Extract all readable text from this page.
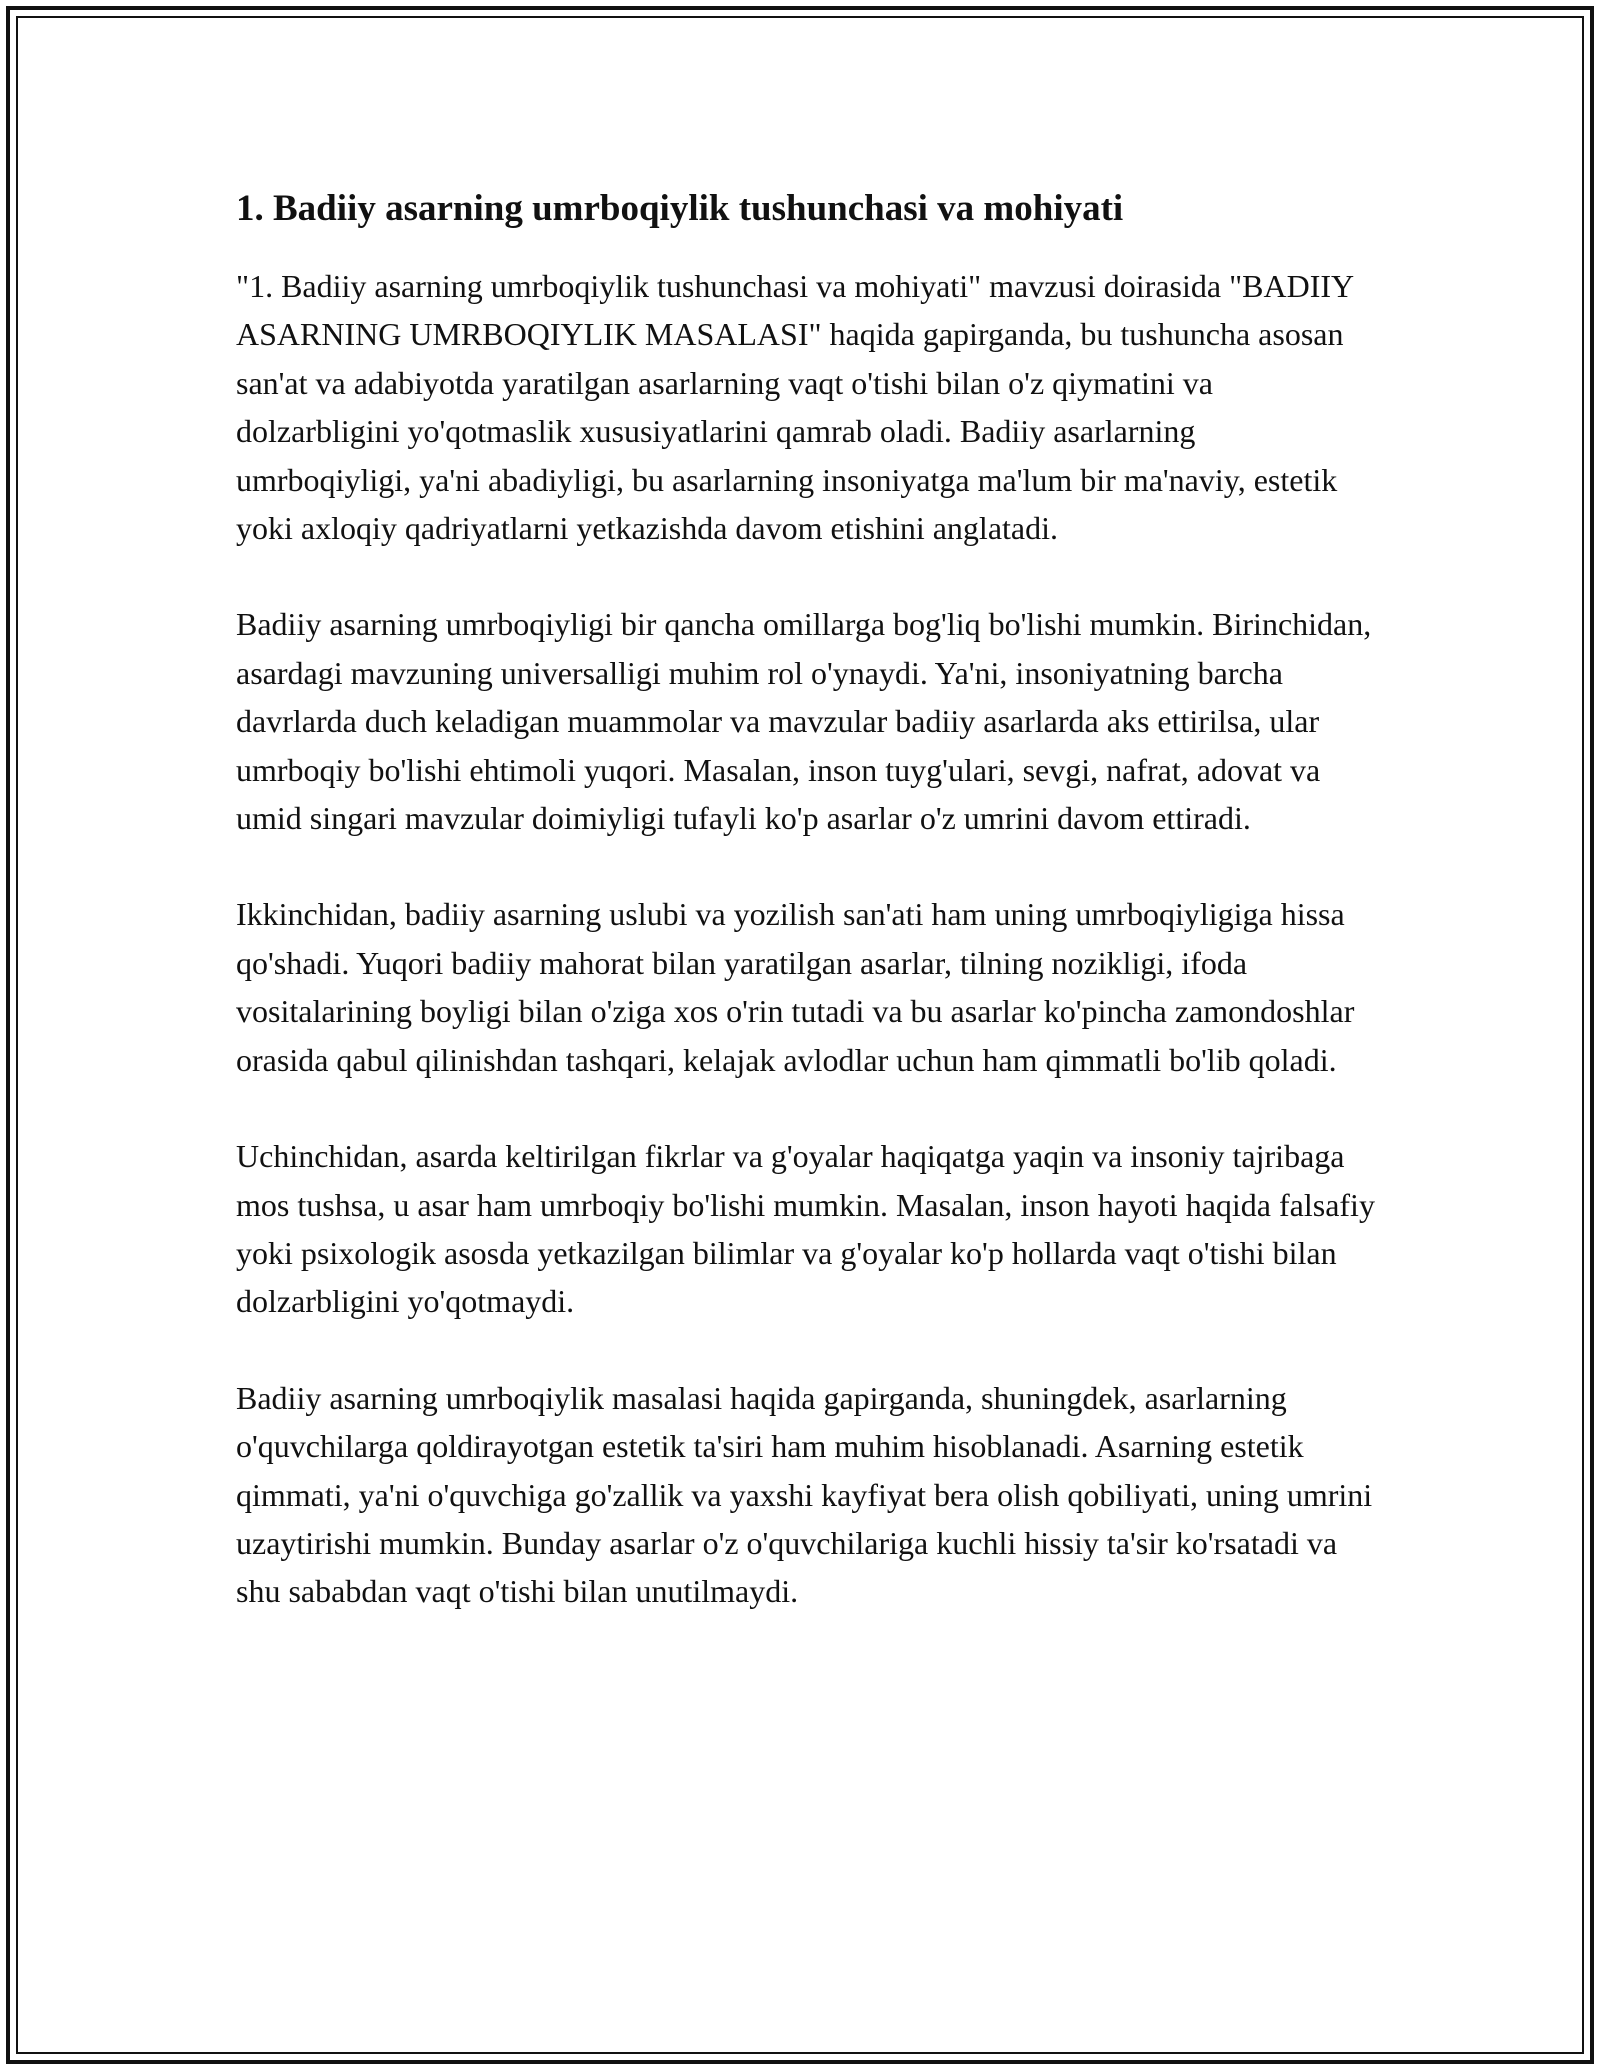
1. Badiiy asarning umrboqiylik tushunchasi va mohiyati

"1. Badiiy asarning umrboqiylik tushunchasi va mohiyati" mavzusi doirasida "BADIIY ASARNING UMRBOQIYLIK MASALASI" haqida gapirganda, bu tushuncha asosan san'at va adabiyotda yaratilgan asarlarning vaqt o'tishi bilan o'z qiymatini va dolzarbligini yo'qotmaslik xususiyatlarini qamrab oladi. Badiiy asarlarning umrboqiyligi, ya'ni abadiyligi, bu asarlarning insoniyatga ma'lum bir ma'naviy, estetik yoki axloqiy qadriyatlarni yetkazishda davom etishini anglatadi.

Badiiy asarning umrboqiyligi bir qancha omillarga bog'liq bo'lishi mumkin. Birinchidan, asardagi mavzuning universalligi muhim rol o'ynaydi. Ya'ni, insoniyatning barcha davrlarda duch keladigan muammolar va mavzular badiiy asarlarda aks ettirilsa, ular umrboqiy bo'lishi ehtimoli yuqori. Masalan, inson tuyg'ulari, sevgi, nafrat, adovat va umid singari mavzular doimiyligi tufayli ko'p asarlar o'z umrini davom ettiradi.

Ikkinchidan, badiiy asarning uslubi va yozilish san'ati ham uning umrboqiyligiga hissa qo'shadi. Yuqori badiiy mahorat bilan yaratilgan asarlar, tilning nozikligi, ifoda vositalarining boyligi bilan o'ziga xos o'rin tutadi va bu asarlar ko'pincha zamondoshlar orasida qabul qilinishdan tashqari, kelajak avlodlar uchun ham qimmatli bo'lib qoladi.

Uchinchidan, asarda keltirilgan fikrlar va g'oyalar haqiqatga yaqin va insoniy tajribaga mos tushsa, u asar ham umrboqiy bo'lishi mumkin. Masalan, inson hayoti haqida falsafiy yoki psixologik asosda yetkazilgan bilimlar va g'oyalar ko'p hollarda vaqt o'tishi bilan dolzarbligini yo'qotmaydi.

Badiiy asarning umrboqiylik masalasi haqida gapirganda, shuningdek, asarlarning o'quvchilarga qoldirayotgan estetik ta'siri ham muhim hisoblanadi. Asarning estetik qimmati, ya'ni o'quvchiga go'zallik va yaxshi kayfiyat bera olish qobiliyati, uning umrini uzaytirishi mumkin. Bunday asarlar o'z o'quvchilariga kuchli hissiy ta'sir ko'rsatadi va shu sababdan vaqt o'tishi bilan unutilmaydi.
